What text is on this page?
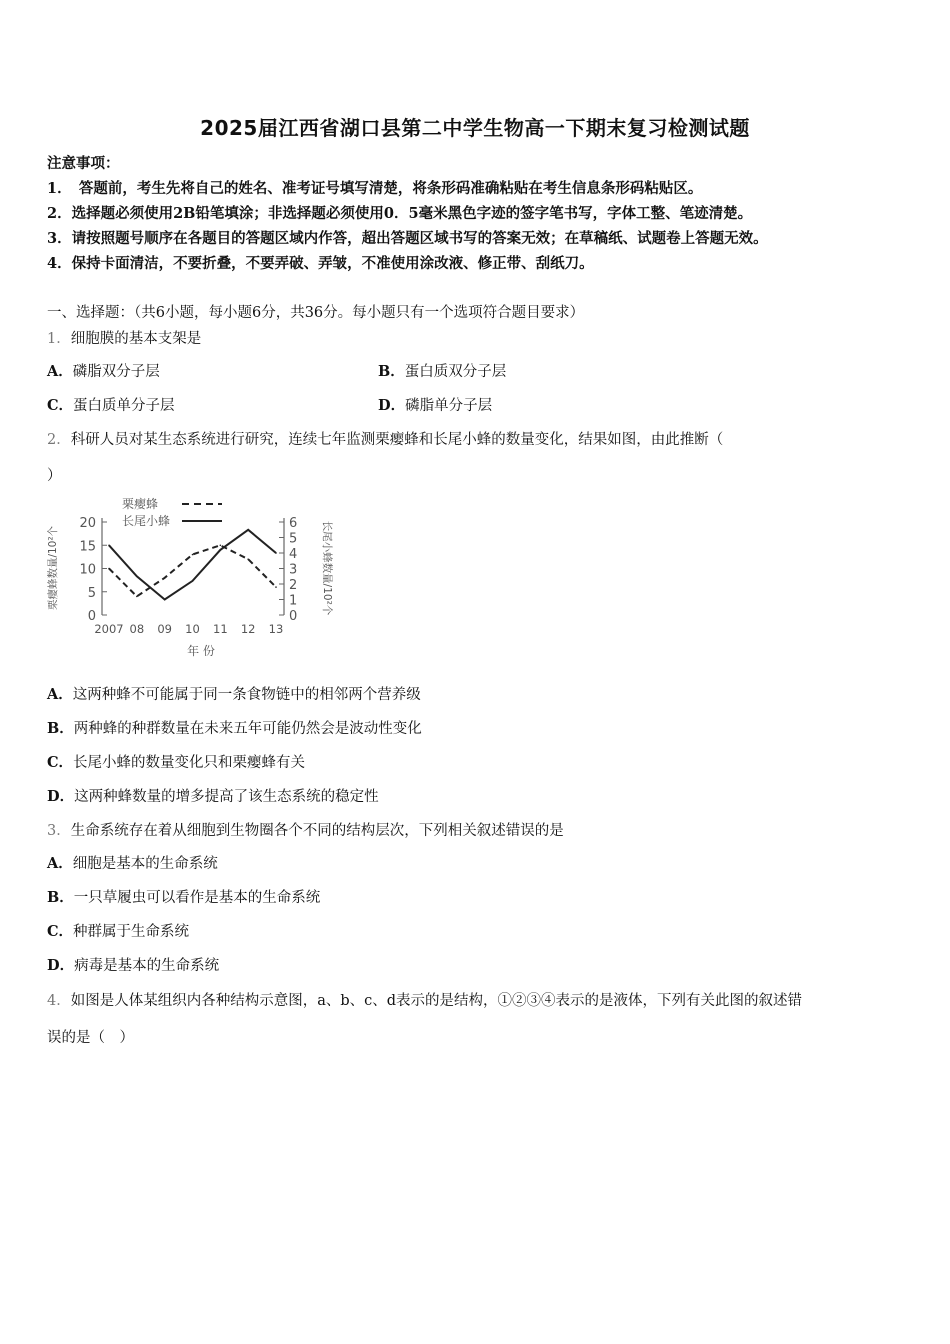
2025届江西省湖口县第二中学生物高一下期末复习检测试题
注意事项：
1．　答题前，考生先将自己的姓名、准考证号填写清楚，将条形码准确粘贴在考生信息条形码粘贴区。
2．选择题必须使用2B铅笔填涂；非选择题必须使用0．5毫米黑色字迹的签字笔书写，字体工整、笔迹清楚。
3．请按照题号顺序在各题目的答题区域内作答，超出答题区域书写的答案无效；在草稿纸、试题卷上答题无效。
4．保持卡面清洁，不要折叠，不要弄破、弄皱，不准使用涂改液、修正带、刮纸刀。
一、选择题：（共6小题，每小题6分，共36分。每小题只有一个选项符合题目要求）
1．细胞膜的基本支架是
A．磷脂双分子层	B．蛋白质双分子层
C．蛋白质单分子层	D．磷脂单分子层
2．科研人员对某生态系统进行研究，连续七年监测栗瘿蜂和长尾小蜂的数量变化，结果如图，由此推断（
）
0
5
10
15
20
0
1
2
3
4
5
6
2007 08 09 10 11 12 13
年 份
栗瘿蜂数量/10²个	长尾小蜂数量/10²个
栗瘿蜂
长尾小蜂
A．这两种蜂不可能属于同一条食物链中的相邻两个营养级
B．两种蜂的种群数量在未来五年可能仍然会是波动性变化
C．长尾小蜂的数量变化只和栗瘿蜂有关
D．这两种蜂数量的增多提高了该生态系统的稳定性
3．生命系统存在着从细胞到生物圈各个不同的结构层次，下列相关叙述错误的是
A．细胞是基本的生命系统
B．一只草履虫可以看作是基本的生命系统
C．种群属于生命系统
D．病毒是基本的生命系统
4．如图是人体某组织内各种结构示意图，a、b、c、d表示的是结构，①②③④表示的是液体，下列有关此图的叙述错
误的是（　）
